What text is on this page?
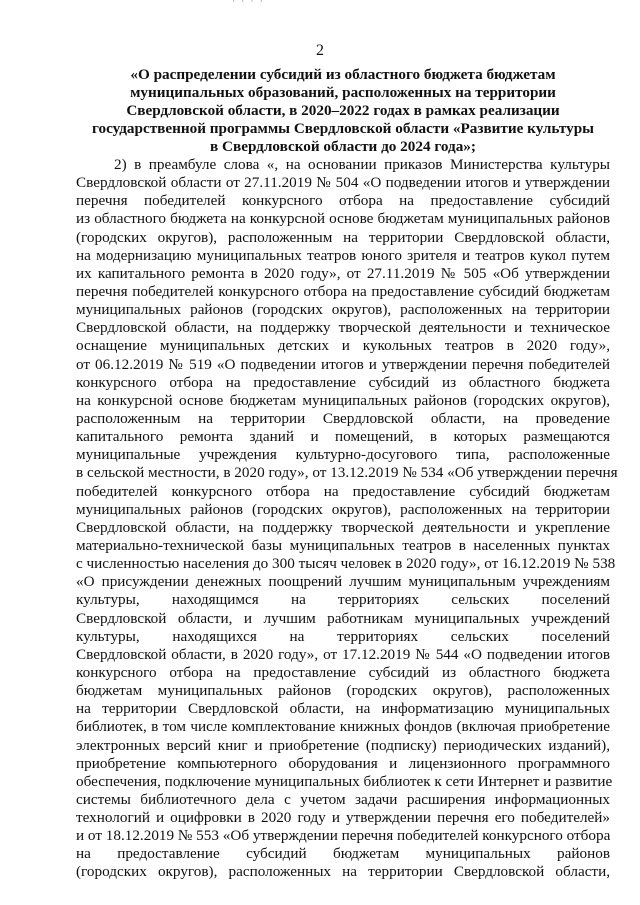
· · · ·
2
«О распределении субсидий из областного бюджета бюджетам
муниципальных образований, расположенных на территории
Свердловской области, в 2020–2022 годах в рамках реализации
государственной программы Свердловской области «Развитие культуры
в Свердловской области до 2024 года»;
2) в преамбуле слова «, на основании приказов Министерства культуры
Свердловской области от 27.11.2019 № 504 «О подведении итогов и утверждении
перечня победителей конкурсного отбора на предоставление субсидий
из областного бюджета на конкурсной основе бюджетам муниципальных районов
(городских округов), расположенным на территории Свердловской области,
на модернизацию муниципальных театров юного зрителя и театров кукол путем
их капитального ремонта в 2020 году», от 27.11.2019 № 505 «Об утверждении
перечня победителей конкурсного отбора на предоставление субсидий бюджетам
муниципальных районов (городских округов), расположенных на территории
Свердловской области, на поддержку творческой деятельности и техническое
оснащение муниципальных детских и кукольных театров в 2020 году»,
от 06.12.2019 № 519 «О подведении итогов и утверждении перечня победителей
конкурсного отбора на предоставление субсидий из областного бюджета
на конкурсной основе бюджетам муниципальных районов (городских округов),
расположенным на территории Свердловской области, на проведение
капитального ремонта зданий и помещений, в которых размещаются
муниципальные учреждения культурно-досугового типа, расположенные
в сельской местности, в 2020 году», от 13.12.2019 № 534 «Об утверждении перечня
победителей конкурсного отбора на предоставление субсидий бюджетам
муниципальных районов (городских округов), расположенных на территории
Свердловской области, на поддержку творческой деятельности и укрепление
материально-технической базы муниципальных театров в населенных пунктах
с численностью населения до 300 тысяч человек в 2020 году», от 16.12.2019 № 538
«О присуждении денежных поощрений лучшим муниципальным учреждениям
культуры, находящимся на территориях сельских поселений
Свердловской области, и лучшим работникам муниципальных учреждений
культуры, находящихся на территориях сельских поселений
Свердловской области, в 2020 году», от 17.12.2019 № 544 «О подведении итогов
конкурсного отбора на предоставление субсидий из областного бюджета
бюджетам муниципальных районов (городских округов), расположенных
на территории Свердловской области, на информатизацию муниципальных
библиотек, в том числе комплектование книжных фондов (включая приобретение
электронных версий книг и приобретение (подписку) периодических изданий),
приобретение компьютерного оборудования и лицензионного программного
обеспечения, подключение муниципальных библиотек к сети Интернет и развитие
системы библиотечного дела с учетом задачи расширения информационных
технологий и оцифровки в 2020 году и утверждении перечня его победителей»
и от 18.12.2019 № 553 «Об утверждении перечня победителей конкурсного отбора
на предоставление субсидий бюджетам муниципальных районов
(городских округов), расположенных на территории Свердловской области,
